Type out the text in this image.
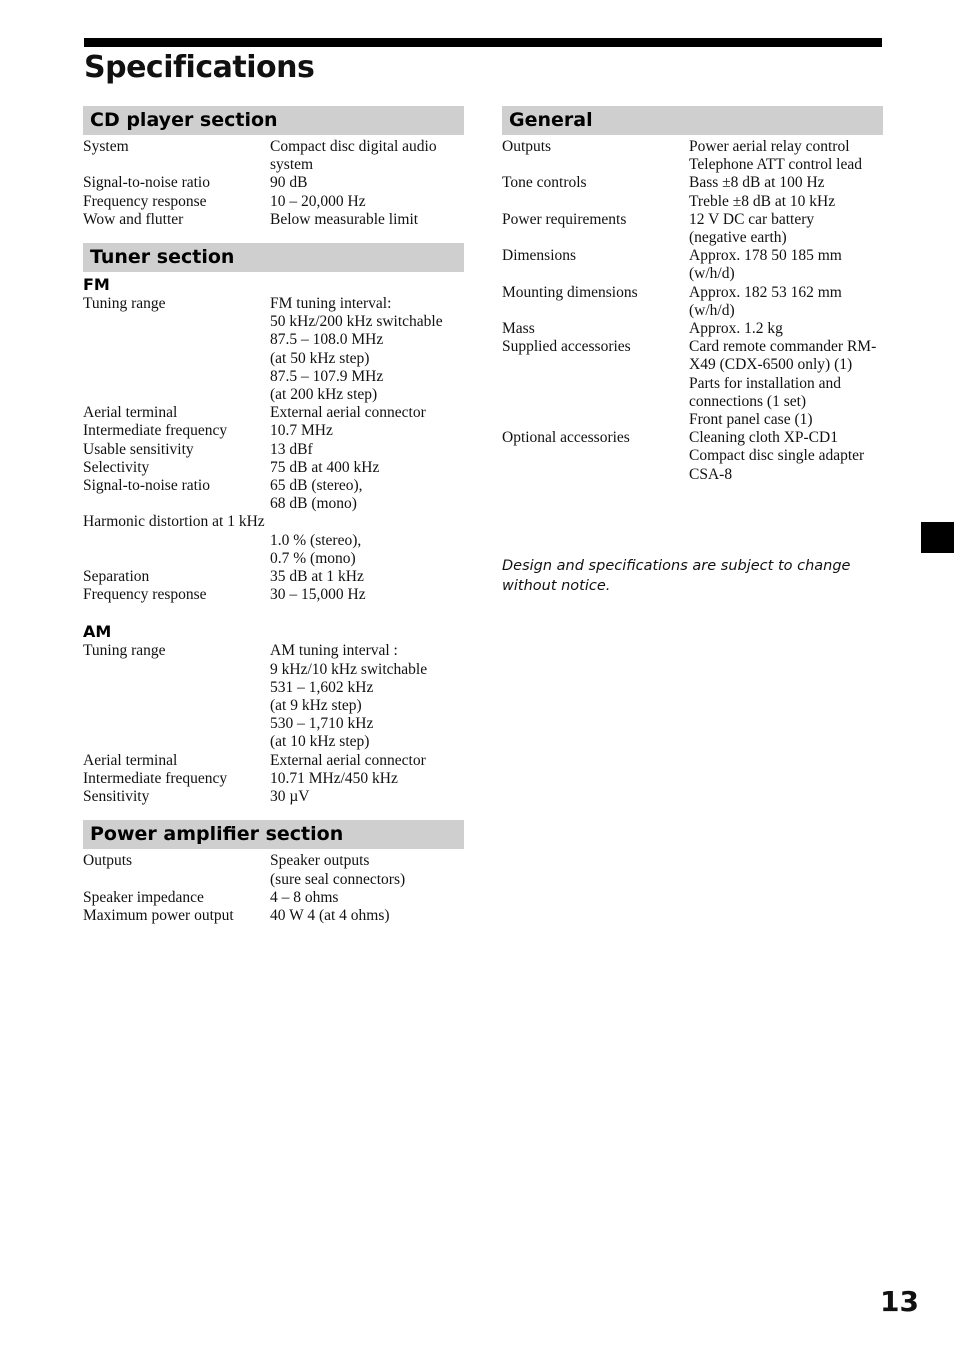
Specifications
CD player section
System	Compact disc digital audio system
Signal-to-noise ratio	90 dB
Frequency response	10 – 20,000 Hz
Wow and flutter	Below measurable limit
Tuner section
FM
Tuning range	FM tuning interval:
50 kHz/200 kHz switchable
87.5 – 108.0 MHz
(at 50 kHz step)
87.5 – 107.9 MHz
(at 200 kHz step)
Aerial terminal	External aerial connector
Intermediate frequency	10.7 MHz
Usable sensitivity	13 dBf
Selectivity	75 dB at 400 kHz
Signal-to-noise ratio	65 dB (stereo),
68 dB (mono)
Harmonic distortion at 1 kHz
1.0 % (stereo),
0.7 % (mono)
Separation	35 dB at 1 kHz
Frequency response	30 – 15,000 Hz
AM
Tuning range	AM tuning interval :
9 kHz/10 kHz switchable
531 – 1,602 kHz
(at 9 kHz step)
530 – 1,710 kHz
(at 10 kHz step)
Aerial terminal	External aerial connector
Intermediate frequency	10.71 MHz/450 kHz
Sensitivity	30 µV
Power amplifier section
Outputs	Speaker outputs
(sure seal connectors)
Speaker impedance	4 – 8 ohms
Maximum power output	40 W 4 (at 4 ohms)
General
Outputs	Power aerial relay control
Telephone ATT control lead
Tone controls	Bass ±8 dB at 100 Hz
Treble ±8 dB at 10 kHz
Power requirements	12 V DC car battery
(negative earth)
Dimensions	Approx. 178 50 185 mm
(w/h/d)
Mounting dimensions	Approx. 182 53 162 mm
(w/h/d)
Mass	Approx. 1.2 kg
Supplied accessories	Card remote commander RM-X49 (CDX-6500 only) (1)
Parts for installation and connections (1 set)
Front panel case (1)
Optional accessories	Cleaning cloth XP-CD1
Compact disc single adapter CSA-8

Design and specifications are subject to change without notice.

13
